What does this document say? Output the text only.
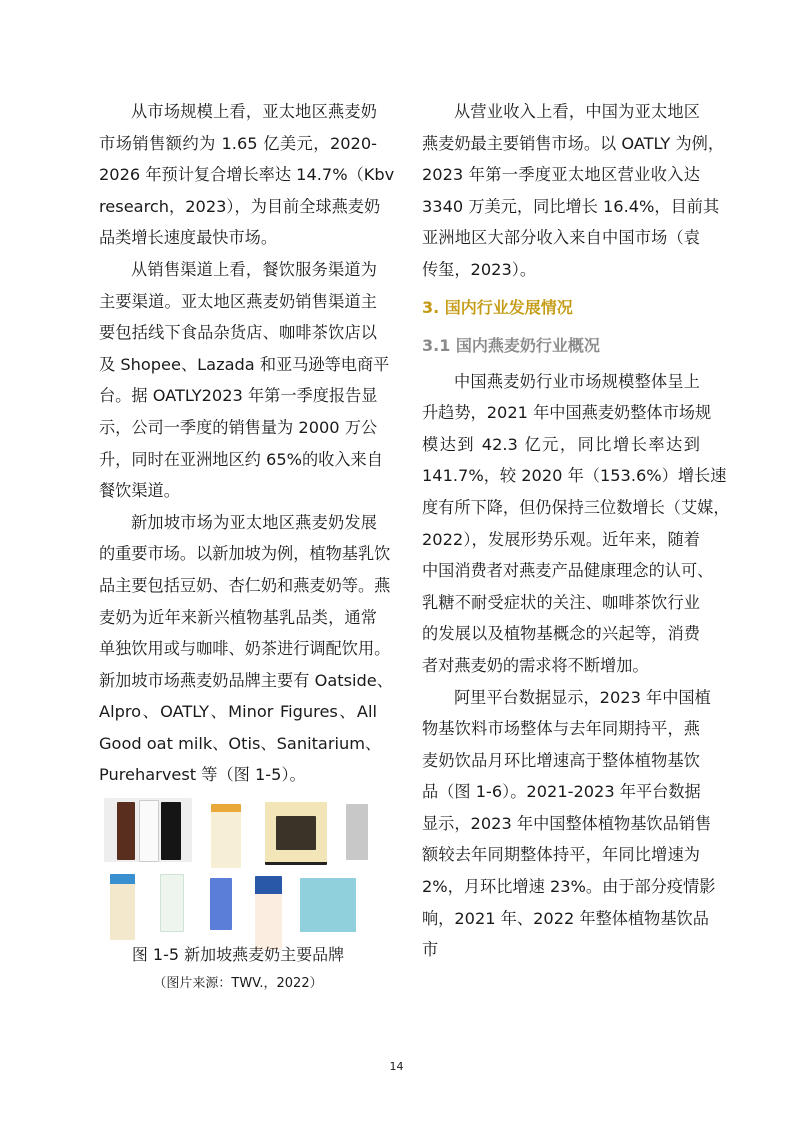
从市场规模上看，亚太地区燕麦奶
市场销售额约为 1.65 亿美元，2020-
2026 年预计复合增长率达 14.7%（Kbv
research，2023），为目前全球燕麦奶
品类增长速度最快市场。
从销售渠道上看，餐饮服务渠道为
主要渠道。亚太地区燕麦奶销售渠道主
要包括线下食品杂货店、咖啡茶饮店以
及 Shopee、Lazada 和亚马逊等电商平
台。据 OATLY2023 年第一季度报告显
示，公司一季度的销售量为 2000 万公
升，同时在亚洲地区约 65%的收入来自
餐饮渠道。
新加坡市场为亚太地区燕麦奶发展
的重要市场。以新加坡为例，植物基乳饮
品主要包括豆奶、杏仁奶和燕麦奶等。燕
麦奶为近年来新兴植物基乳品类，通常
单独饮用或与咖啡、奶茶进行调配饮用。
新加坡市场燕麦奶品牌主要有 Oatside、
Alpro、OATLY、Minor Figures、All
Good oat milk、Otis、Sanitarium、
Pureharvest 等（图 1-5）。
图 1-5 新加坡燕麦奶主要品牌
（图片来源：TWV.，2022）
从营业收入上看，中国为亚太地区
燕麦奶最主要销售市场。以 OATLY 为例，
2023 年第一季度亚太地区营业收入达
3340 万美元，同比增长 16.4%，目前其
亚洲地区大部分收入来自中国市场（袁
传玺，2023）。
3. 国内行业发展情况
3.1 国内燕麦奶行业概况
中国燕麦奶行业市场规模整体呈上
升趋势，2021 年中国燕麦奶整体市场规
模达到 42.3 亿元，同比增长率达到
141.7%，较 2020 年（153.6%）增长速
度有所下降，但仍保持三位数增长（艾媒，
2022），发展形势乐观。近年来，随着
中国消费者对燕麦产品健康理念的认可、
乳糖不耐受症状的关注、咖啡茶饮行业
的发展以及植物基概念的兴起等，消费
者对燕麦奶的需求将不断增加。
阿里平台数据显示，2023 年中国植
物基饮料市场整体与去年同期持平，燕
麦奶饮品月环比增速高于整体植物基饮
品（图 1-6）。2021-2023 年平台数据
显示，2023 年中国整体植物基饮品销售
额较去年同期整体持平，年同比增速为
2%，月环比增速 23%。由于部分疫情影
响，2021 年、2022 年整体植物基饮品
市
14
